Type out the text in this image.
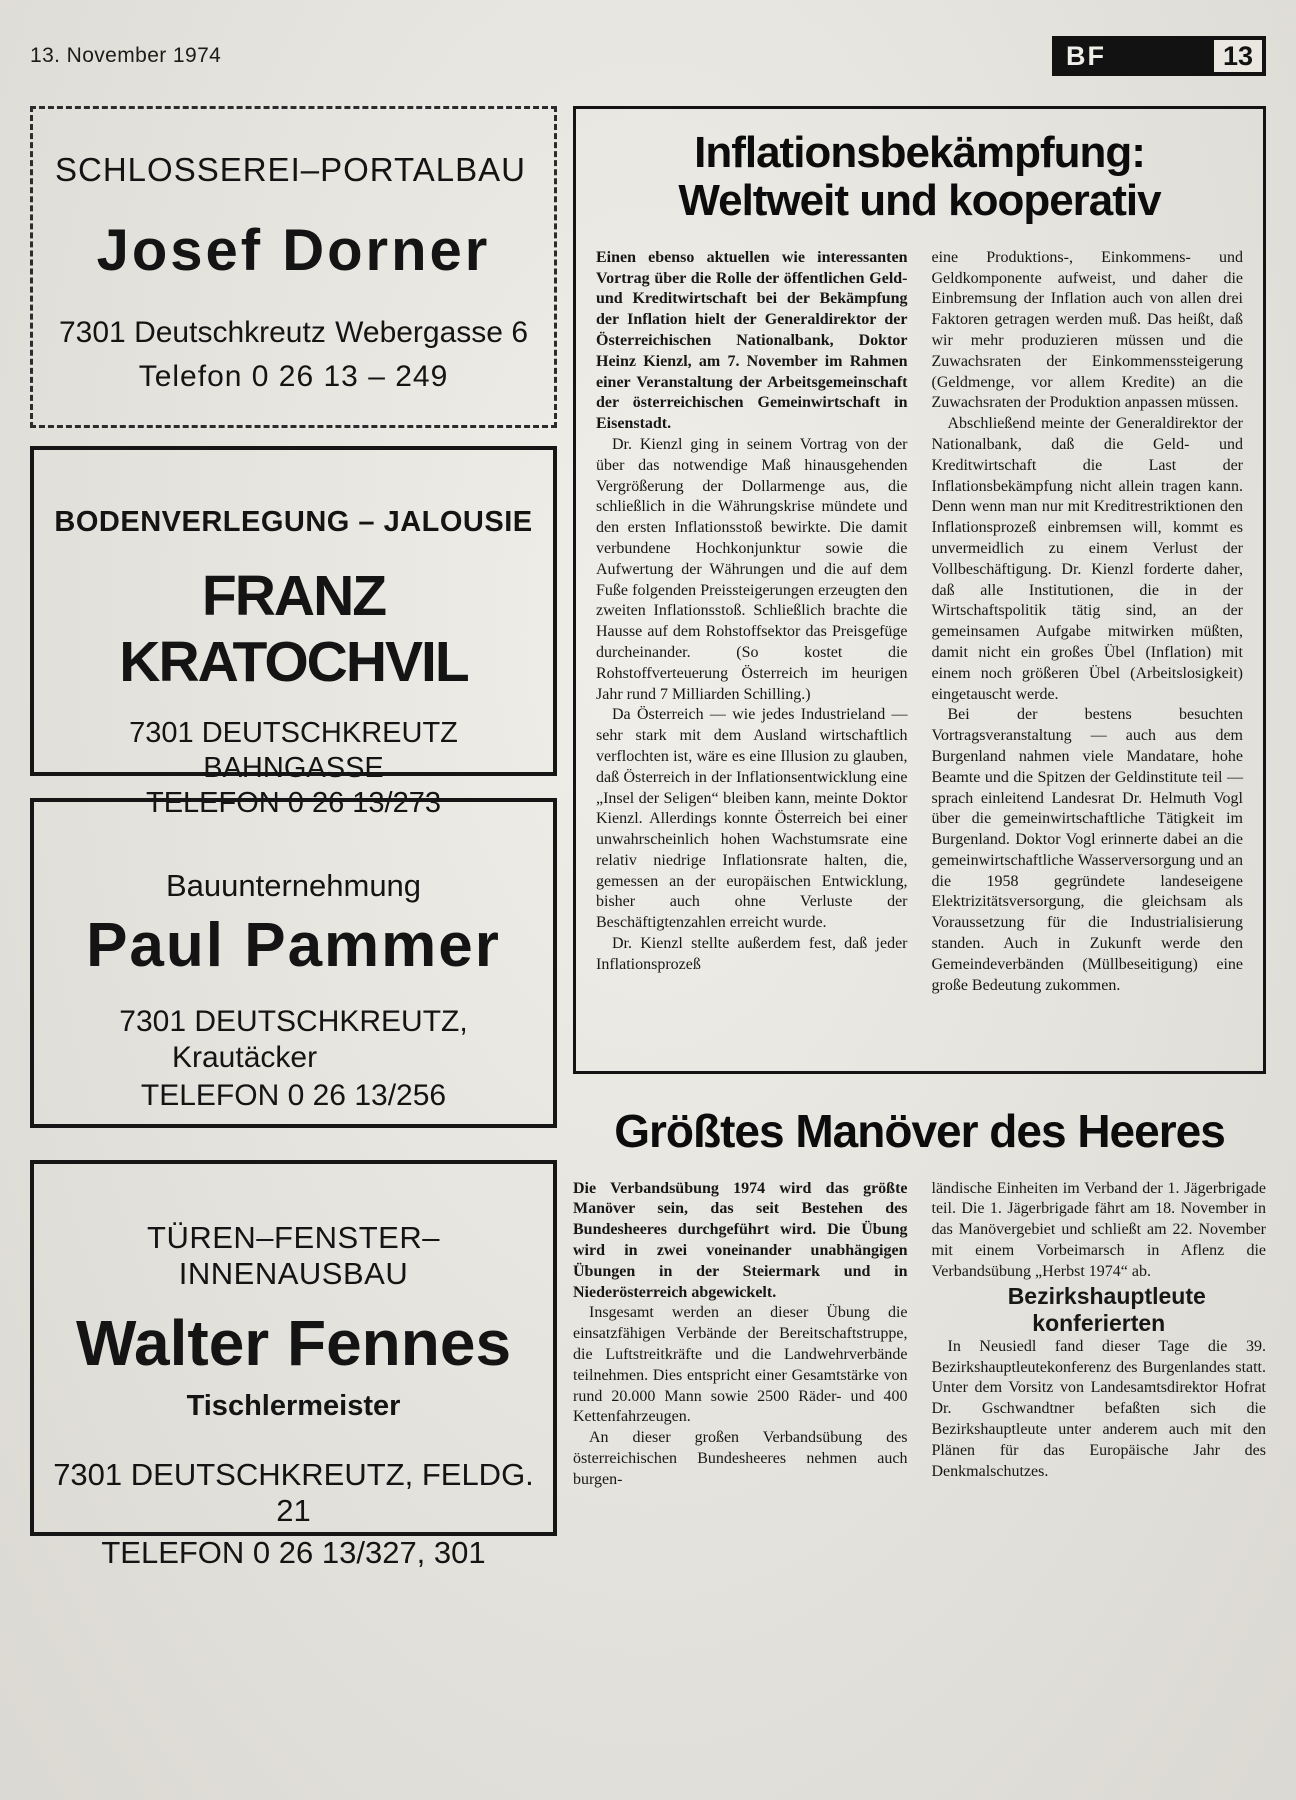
13. November 1974	BF	13
SCHLOSSEREI–PORTALBAU
Josef Dorner
7301 Deutschkreutz Webergasse 6
Telefon 0 26 13 – 249
BODENVERLEGUNG – JALOUSIE
FRANZ KRATOCHVIL
7301 DEUTSCHKREUTZ
BAHNGASSE
TELEFON 0 26 13/273
Bauunternehmung
Paul Pammer
7301 DEUTSCHKREUTZ,
Krautäcker
TELEFON 0 26 13/256
TÜREN–FENSTER–INNENAUSBAU
Walter Fennes
Tischlermeister
7301 DEUTSCHKREUTZ, FELDG. 21
TELEFON 0 26 13/327, 301
Inflationsbekämpfung:
Weltweit und kooperativ

Einen ebenso aktuellen wie interessanten Vortrag über die Rolle der öffentlichen Geld- und Kreditwirtschaft bei der Bekämpfung der Inflation hielt der Generaldirektor der Österreichischen Nationalbank, Doktor Heinz Kienzl, am 7. November im Rahmen einer Veranstaltung der Arbeitsgemeinschaft der österreichischen Gemeinwirtschaft in Eisenstadt.

Dr. Kienzl ging in seinem Vortrag von der über das notwendige Maß hinausgehenden Vergrößerung der Dollarmenge aus, die schließlich in die Währungskrise mündete und den ersten Inflationsstoß bewirkte. Die damit verbundene Hochkonjunktur sowie die Aufwertung der Währungen und die auf dem Fuße folgenden Preissteigerungen erzeugten den zweiten Inflationsstoß. Schließlich brachte die Hausse auf dem Rohstoffsektor das Preisgefüge durcheinander. (So kostet die Rohstoffverteuerung Österreich im heurigen Jahr rund 7 Milliarden Schilling.)

Da Österreich — wie jedes Industrieland — sehr stark mit dem Ausland wirtschaftlich verflochten ist, wäre es eine Illusion zu glauben, daß Österreich in der Inflationsentwicklung eine „Insel der Seligen“ bleiben kann, meinte Doktor Kienzl. Allerdings konnte Österreich bei einer unwahrscheinlich hohen Wachstumsrate eine relativ niedrige Inflationsrate halten, die, gemessen an der europäischen Entwicklung, bisher auch ohne Verluste der Beschäftigtenzahlen erreicht wurde.

Dr. Kienzl stellte außerdem fest, daß jeder Inflationsprozeß

eine Produktions-, Einkommens- und Geldkomponente aufweist, und daher die Einbremsung der Inflation auch von allen drei Faktoren getragen werden muß. Das heißt, daß wir mehr produzieren müssen und die Zuwachsraten der Einkommenssteigerung (Geldmenge, vor allem Kredite) an die Zuwachsraten der Produktion anpassen müssen.

Abschließend meinte der Generaldirektor der Nationalbank, daß die Geld- und Kreditwirtschaft die Last der Inflationsbekämpfung nicht allein tragen kann. Denn wenn man nur mit Kreditrestriktionen den Inflationsprozeß einbremsen will, kommt es unvermeidlich zu einem Verlust der Vollbeschäftigung. Dr. Kienzl forderte daher, daß alle Institutionen, die in der Wirtschaftspolitik tätig sind, an der gemeinsamen Aufgabe mitwirken müßten, damit nicht ein großes Übel (Inflation) mit einem noch größeren Übel (Arbeitslosigkeit) eingetauscht werde.

Bei der bestens besuchten Vortragsveranstaltung — auch aus dem Burgenland nahmen viele Mandatare, hohe Beamte und die Spitzen der Geldinstitute teil — sprach einleitend Landesrat Dr. Helmuth Vogl über die gemeinwirtschaftliche Tätigkeit im Burgenland. Doktor Vogl erinnerte dabei an die gemeinwirtschaftliche Wasserversorgung und an die 1958 gegründete landeseigene Elektrizitätsversorgung, die gleichsam als Voraussetzung für die Industrialisierung standen. Auch in Zukunft werde den Gemeindeverbänden (Müllbeseitigung) eine große Bedeutung zukommen.

Größtes Manöver des Heeres

Die Verbandsübung 1974 wird das größte Manöver sein, das seit Bestehen des Bundesheeres durchgeführt wird. Die Übung wird in zwei voneinander unabhängigen Übungen in der Steiermark und in Niederösterreich abgewickelt.

Insgesamt werden an dieser Übung die einsatzfähigen Verbände der Bereitschaftstruppe, die Luftstreitkräfte und die Landwehrverbände teilnehmen. Dies entspricht einer Gesamtstärke von rund 20.000 Mann sowie 2500 Räder- und 400 Kettenfahrzeugen.

An dieser großen Verbandsübung des österreichischen Bundesheeres nehmen auch burgen-

ländische Einheiten im Verband der 1. Jägerbrigade teil. Die 1. Jägerbrigade fährt am 18. November in das Manövergebiet und schließt am 22. November mit einem Vorbeimarsch in Aflenz die Verbandsübung „Herbst 1974“ ab.

Bezirkshauptleute
konferierten

In Neusiedl fand dieser Tage die 39. Bezirkshauptleutekonferenz des Burgenlandes statt. Unter dem Vorsitz von Landesamtsdirektor Hofrat Dr. Gschwandtner befaßten sich die Bezirkshauptleute unter anderem auch mit den Plänen für das Europäische Jahr des Denkmalschutzes.
